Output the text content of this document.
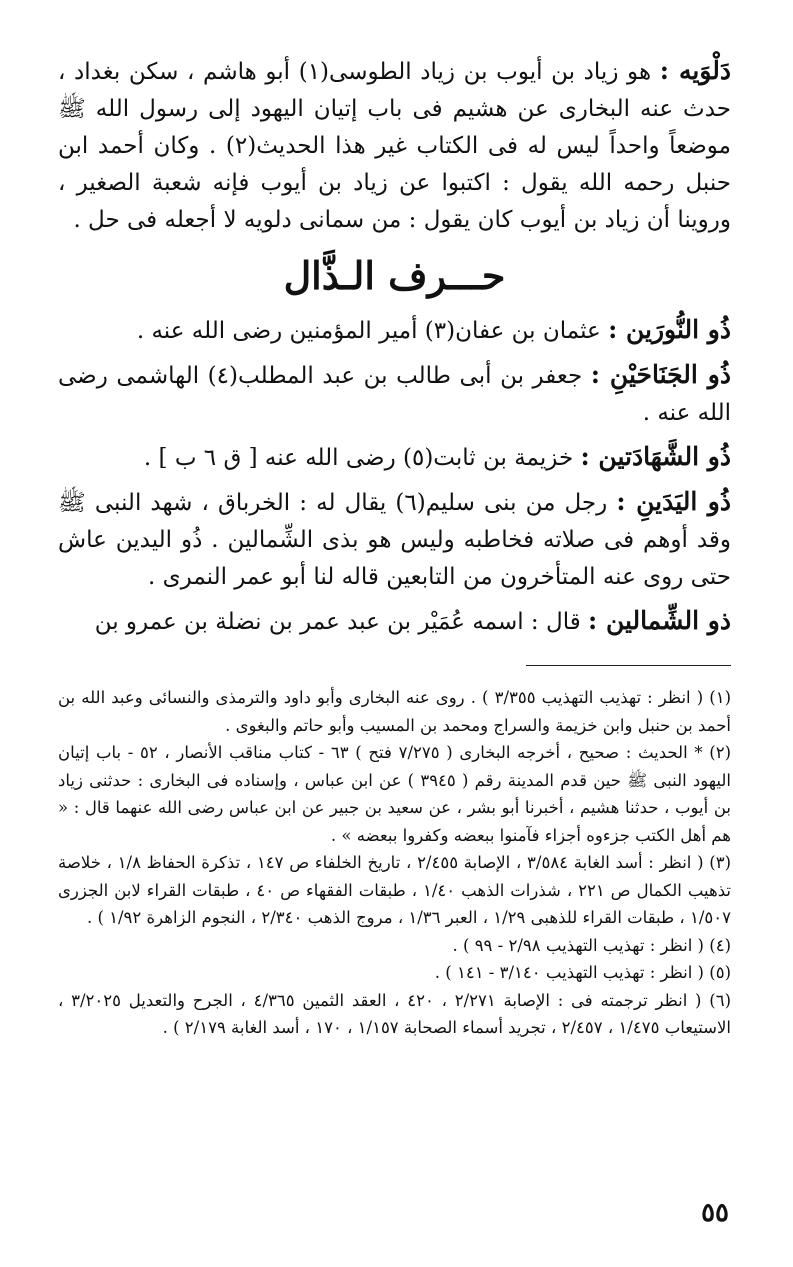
دَلْوَيه : هو زياد بن أيوب بن زياد الطوسى(١) أبو هاشم ، سكن بغداد ، حدث عنه البخارى عن هشيم فى باب إتيان اليهود إلى رسول الله ﷺ موضعاً واحداً ليس له فى الكتاب غير هذا الحديث(٢) . وكان أحمد ابن حنبل رحمه الله يقول : اكتبوا عن زياد بن أيوب فإنه شعبة الصغير ، وروينا أن زياد بن أيوب كان يقول : من سمانى دلويه لا أجعله فى حل .

حـــرف الـذَّال

ذُو النُّورَين : عثمان بن عفان(٣) أمير المؤمنين رضى الله عنه .

ذُو الجَنَاحَيْنِ : جعفر بن أبى طالب بن عبد المطلب(٤) الهاشمى رضى الله عنه .

ذُو الشَّهَادَتين : خزيمة بن ثابت(٥) رضى الله عنه [ ق ٦ ب ] .

ذُو اليَدَينِ : رجل من بنى سليم(٦) يقال له : الخرباق ، شهد النبى ﷺ وقد أوهم فى صلاته فخاطبه وليس هو بذى الشِّمالين . ذُو اليدين عاش حتى روى عنه المتأخرون من التابعين قاله لنا أبو عمر النمرى .

ذو الشِّمالين : قال : اسمه عُمَيْر بن عبد عمر بن نضلة بن عمرو بن

(١) ( انظر : تهذيب التهذيب ٣/٣٥٥ ) . روى عنه البخارى وأبو داود والترمذى والنسائى وعبد الله بن أحمد بن حنبل وابن خزيمة والسراج ومحمد بن المسيب وأبو حاتم والبغوى .

(٢) * الحديث : صحيح ، أخرجه البخارى ( ٧/٢٧٥ فتح ) ٦٣ - كتاب مناقب الأنصار ، ٥٢ - باب إتيان اليهود النبى ﷺ حين قدم المدينة رقم ( ٣٩٤٥ ) عن ابن عباس ، وإسناده فى البخارى : حدثنى زياد بن أيوب ، حدثنا هشيم ، أخبرنا أبو بشر ، عن سعيد بن جبير عن ابن عباس رضى الله عنهما قال : « هم أهل الكتب جزءوه أجزاء فآمنوا ببعضه وكفروا ببعضه » .

(٣) ( انظر : أسد الغابة ٣/٥٨٤ ، الإصابة ٢/٤٥٥ ، تاريخ الخلفاء ص ١٤٧ ، تذكرة الحفاظ ١/٨ ، خلاصة تذهيب الكمال ص ٢٢١ ، شذرات الذهب ١/٤٠ ، طبقات الفقهاء ص ٤٠ ، طبقات القراء لابن الجزرى ١/٥٠٧ ، طبقات القراء للذهبى ١/٢٩ ، العبر ١/٣٦ ، مروج الذهب ٢/٣٤٠ ، النجوم الزاهرة ١/٩٢ ) .

(٤) ( انظر : تهذيب التهذيب ٢/٩٨ - ٩٩ ) .

(٥) ( انظر : تهذيب التهذيب ٣/١٤٠ - ١٤١ ) .

(٦) ( انظر ترجمته فى : الإصابة ٢/٢٧١ ، ٤٢٠ ، العقد الثمين ٤/٣٦٥ ، الجرح والتعديل ٣/٢٠٢٥ ، الاستيعاب ١/٤٧٥ ، ٢/٤٥٧ ، تجريد أسماء الصحابة ١/١٥٧ ، ١٧٠ ، أسد الغابة ٢/١٧٩ ) .

٥٥
